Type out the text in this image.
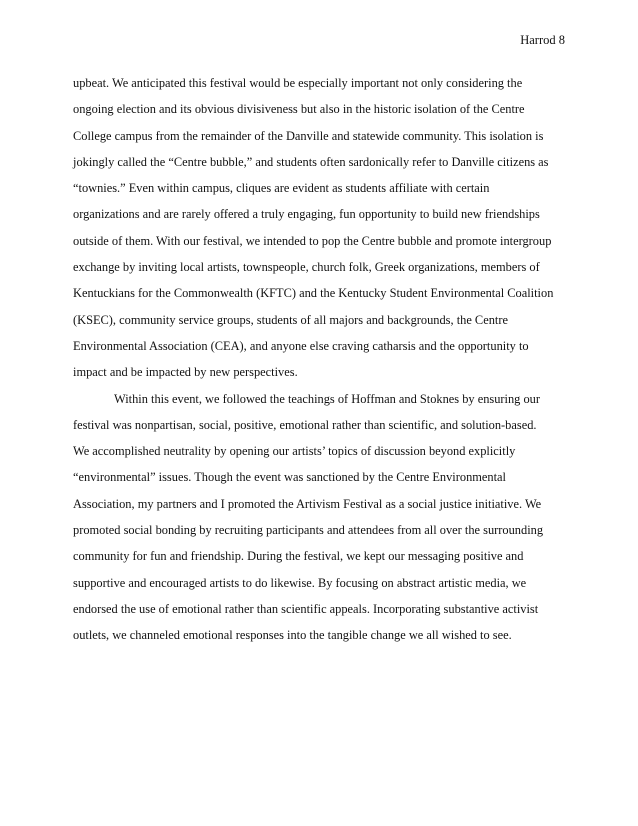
Harrod 8
upbeat. We anticipated this festival would be especially important not only considering the
ongoing election and its obvious divisiveness but also in the historic isolation of the Centre
College campus from the remainder of the Danville and statewide community. This isolation is
jokingly called the “Centre bubble,” and students often sardonically refer to Danville citizens as
“townies.” Even within campus, cliques are evident as students affiliate with certain
organizations and are rarely offered a truly engaging, fun opportunity to build new friendships
outside of them. With our festival, we intended to pop the Centre bubble and promote intergroup
exchange by inviting local artists, townspeople, church folk, Greek organizations, members of
Kentuckians for the Commonwealth (KFTC) and the Kentucky Student Environmental Coalition
(KSEC), community service groups, students of all majors and backgrounds, the Centre
Environmental Association (CEA), and anyone else craving catharsis and the opportunity to
impact and be impacted by new perspectives.
Within this event, we followed the teachings of Hoffman and Stoknes by ensuring our
festival was nonpartisan, social, positive, emotional rather than scientific, and solution-based.
We accomplished neutrality by opening our artists’ topics of discussion beyond explicitly
“environmental” issues. Though the event was sanctioned by the Centre Environmental
Association, my partners and I promoted the Artivism Festival as a social justice initiative. We
promoted social bonding by recruiting participants and attendees from all over the surrounding
community for fun and friendship. During the festival, we kept our messaging positive and
supportive and encouraged artists to do likewise. By focusing on abstract artistic media, we
endorsed the use of emotional rather than scientific appeals. Incorporating substantive activist
outlets, we channeled emotional responses into the tangible change we all wished to see.
